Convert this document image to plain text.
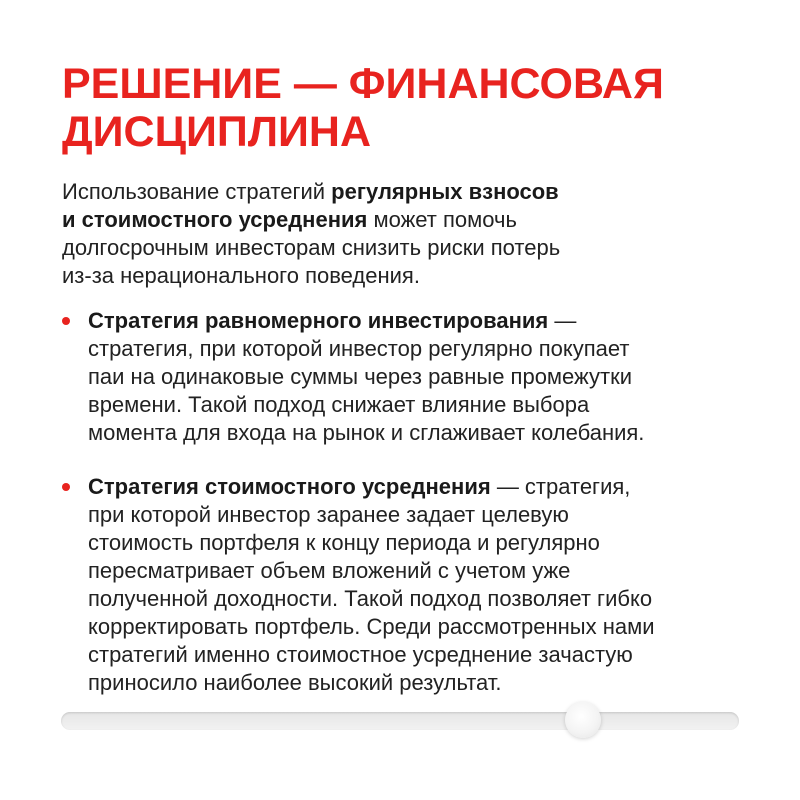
РЕШЕНИЕ — ФИНАНСОВАЯ
ДИСЦИПЛИНА

Использование стратегий регулярных взносов
и стоимостного усреднения может помочь
долгосрочным инвесторам снизить риски потерь
из-за нерационального поведения.

Стратегия равномерного инвестирования —
стратегия, при которой инвестор регулярно покупает
паи на одинаковые суммы через равные промежутки
времени. Такой подход снижает влияние выбора
момента для входа на рынок и сглаживает колебания.
Стратегия стоимостного усреднения — стратегия,
при которой инвестор заранее задает целевую
стоимость портфеля к концу периода и регулярно
пересматривает объем вложений с учетом уже
полученной доходности. Такой подход позволяет гибко
корректировать портфель. Среди рассмотренных нами
стратегий именно стоимостное усреднение зачастую
приносило наиболее высокий результат.
